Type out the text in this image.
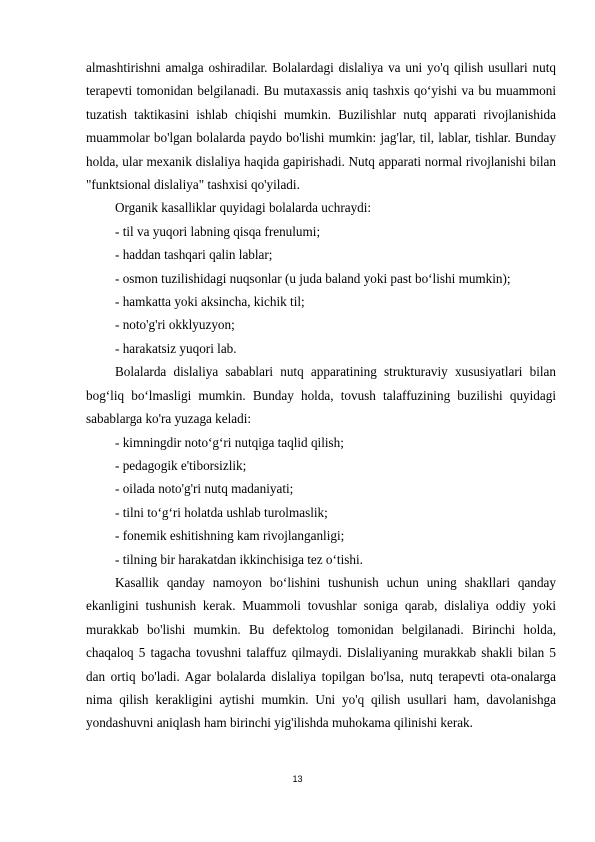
almashtirishni amalga oshiradilar. Bolalardagi dislaliya va uni yo'q qilish usullari nutq terapevti tomonidan belgilanadi. Bu mutaxassis aniq tashxis qoʻyishi va bu muammoni tuzatish taktikasini ishlab chiqishi mumkin. Buzilishlar nutq apparati rivojlanishida muammolar bo'lgan bolalarda paydo bo'lishi mumkin: jag'lar, til, lablar, tishlar. Bunday holda, ular mexanik dislaliya haqida gapirishadi. Nutq apparati normal rivojlanishi bilan "funktsional dislaliya" tashxisi qo'yiladi.

Organik kasalliklar quyidagi bolalarda uchraydi:

- til va yuqori labning qisqa frenulumi;

- haddan tashqari qalin lablar;

- osmon tuzilishidagi nuqsonlar (u juda baland yoki past boʻlishi mumkin);

- hamkatta yoki aksincha, kichik til;

- noto'g'ri okklyuzyon;

- harakatsiz yuqori lab.

Bolalarda dislaliya sabablari nutq apparatining strukturaviy xususiyatlari bilan bogʻliq boʻlmasligi mumkin. Bunday holda, tovush talaffuzining buzilishi quyidagi sabablarga ko'ra yuzaga keladi:

- kimningdir notoʻgʻri nutqiga taqlid qilish;

- pedagogik e'tiborsizlik;

- oilada noto'g'ri nutq madaniyati;

- tilni toʻgʻri holatda ushlab turolmaslik;

- fonemik eshitishning kam rivojlanganligi;

- tilning bir harakatdan ikkinchisiga tez oʻtishi.

Kasallik qanday namoyon boʻlishini tushunish uchun uning shakllari qanday ekanligini tushunish kerak. Muammoli tovushlar soniga qarab, dislaliya oddiy yoki murakkab bo'lishi mumkin. Bu defektolog tomonidan belgilanadi. Birinchi holda, chaqaloq 5 tagacha tovushni talaffuz qilmaydi. Dislaliyaning murakkab shakli bilan 5 dan ortiq bo'ladi. Agar bolalarda dislaliya topilgan bo'lsa, nutq terapevti ota-onalarga nima qilish kerakligini aytishi mumkin. Uni yo'q qilish usullari ham, davolanishga yondashuvni aniqlash ham birinchi yig'ilishda muhokama qilinishi kerak.

13
